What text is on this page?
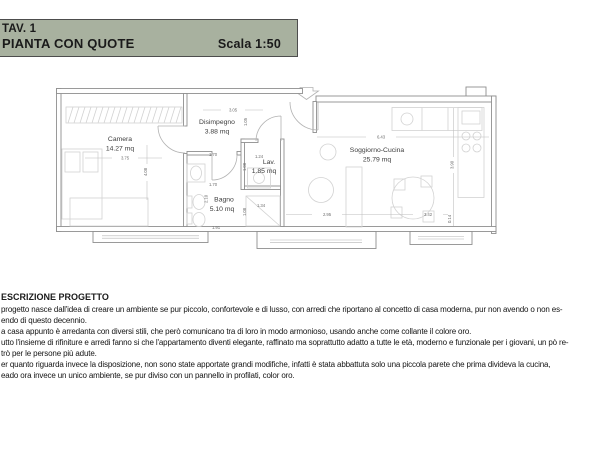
TAV. 1
PIANTA CON QUOTE	Scala 1:50
Camera
14.27 mq
Disimpegno
3.88 mq
Lav.
1.85 mq
Bagno
5.10 mq
Soggiorno-Cucina
25.79 mq
3.75
4.08
3.05
1.05
1.70	1.24
1.08
1.70
2.10
1.34
1.08
1.91
2.95	3.42
0.14
6.43
3.90
ESCRIZIONE PROGETTO
progetto nasce dall'idea di creare un ambiente se pur piccolo, confortevole e di lusso, con arredi che riportano al concetto di casa moderna, pur non avendo o non es-
endo di questo decennio.
a casa appunto è arredanta con diversi stili, che però comunicano tra di loro in modo armonioso, usando anche come collante il colore oro.
utto l'insieme di rifiniture e arredi fanno si che l'appartamento diventi elegante, raffinato ma soprattutto adatto a tutte le età, moderno e funzionale per i giovani, un pò re-
trò per le persone più adute.
er quanto riguarda invece la disposizione, non sono state apportate grandi modifiche, infatti è stata abbattuta solo una piccola parete che prima divideva la cucina,
eado ora invece un unico ambiente, se pur diviso con un pannello in profilati, color oro.
